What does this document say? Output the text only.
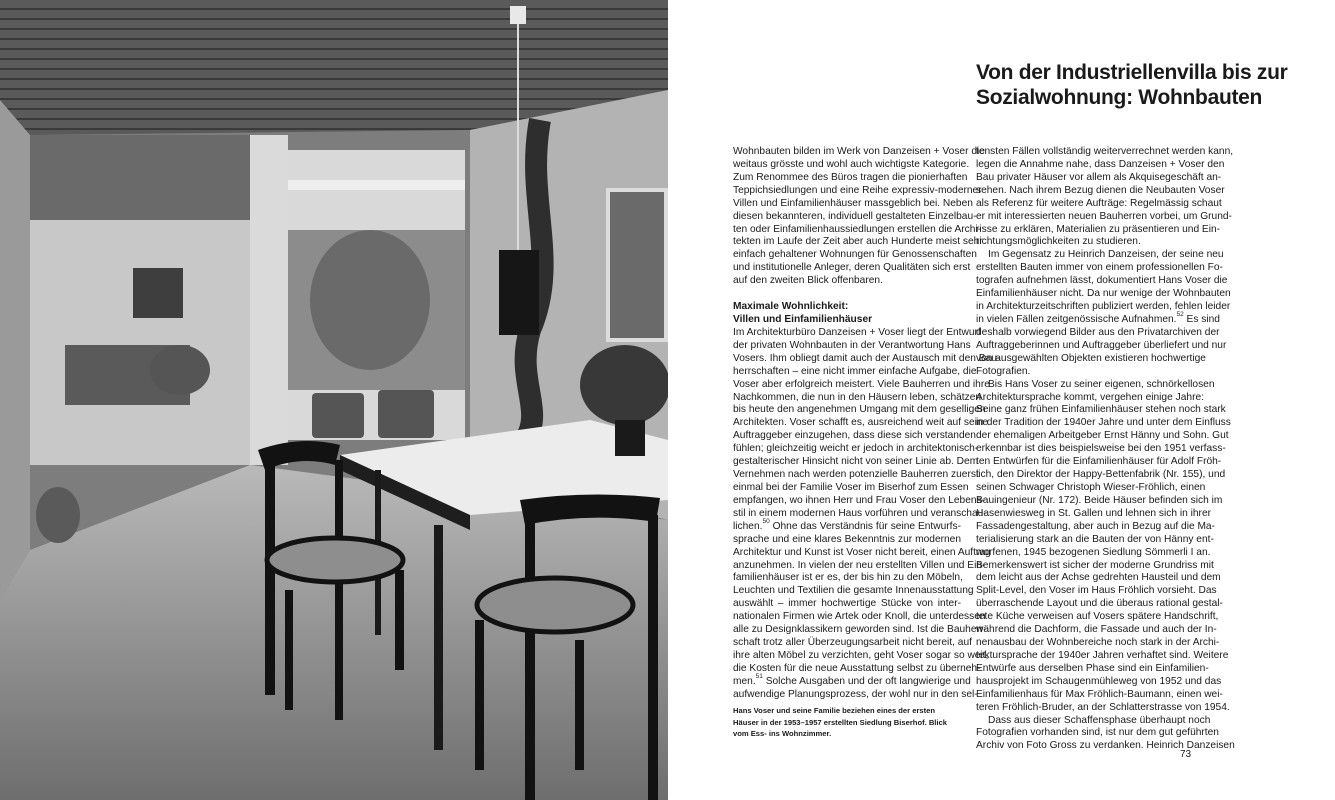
Von der Industriellenvilla bis zur
Sozialwohnung: Wohnbauten
Wohnbauten bilden im Werk von Danzeisen + Voser die
weitaus grösste und wohl auch wichtigste Kategorie.
Zum Renommee des Büros tragen die pionierhaften
Teppichsiedlungen und eine Reihe expressiv-moderner
Villen und Einfamilienhäuser massgeblich bei. Neben
diesen bekannteren, individuell gestalteten Einzelbau-
ten oder Einfamilienhaussiedlungen erstellen die Archi-
tekten im Laufe der Zeit aber auch Hunderte meist sehr
einfach gehaltener Wohnungen für Genossenschaften
und institutionelle Anleger, deren Qualitäten sich erst
auf den zweiten Blick offenbaren.
Maximale Wohnlichkeit:
Villen und Einfamilienhäuser
Im Architekturbüro Danzeisen + Voser liegt der Entwurf
der privaten Wohnbauten in der Verantwortung Hans
Vosers. Ihm obliegt damit auch der Austausch mit den Bau-
herrschaften – eine nicht immer einfache Aufgabe, die
Voser aber erfolgreich meistert. Viele Bauherren und ihre
Nachkommen, die nun in den Häusern leben, schätzen
bis heute den angenehmen Umgang mit dem geselligen
Architekten. Voser schafft es, ausreichend weit auf seine
Auftraggeber einzugehen, dass diese sich verstanden
fühlen; gleichzeitig weicht er jedoch in architektonisch-
gestalterischer Hinsicht nicht von seiner Linie ab. Dem
Vernehmen nach werden potenzielle Bauherren zuerst
einmal bei der Familie Voser im Biserhof zum Essen
empfangen, wo ihnen Herr und Frau Voser den Lebens-
stil in einem modernen Haus vorführen und veranschau-
lichen.$^{50}$ Ohne das Verständnis für seine Entwurfs-
sprache und eine klares Bekenntnis zur modernen
Architektur und Kunst ist Voser nicht bereit, einen Auftrag
anzunehmen. In vielen der neu erstellten Villen und Ein-
familienhäuser ist er es, der bis hin zu den Möbeln,
Leuchten und Textilien die gesamte Innenausstattung
auswählt – immer hochwertige Stücke von inter-
nationalen Firmen wie Artek oder Knoll, die unterdessen
alle zu Designklassikern geworden sind. Ist die Bauherr-
schaft trotz aller Überzeugungsarbeit nicht bereit, auf
ihre alten Möbel zu verzichten, geht Voser sogar so weit,
die Kosten für die neue Ausstattung selbst zu überneh-
men.$^{51}$ Solche Ausgaben und der oft langwierige und
aufwendige Planungsprozess, der wohl nur in den sel-
Hans Voser und seine Familie beziehen eines der ersten
Häuser in der 1953–1957 erstellten Siedlung Biserhof. Blick
vom Ess- ins Wohnzimmer.
tensten Fällen vollständig weiterverrechnet werden kann,
legen die Annahme nahe, dass Danzeisen + Voser den
Bau privater Häuser vor allem als Akquisegeschäft an-
sehen. Nach ihrem Bezug dienen die Neubauten Voser
als Referenz für weitere Aufträge: Regelmässig schaut
er mit interessierten neuen Bauherren vorbei, um Grund-
risse zu erklären, Materialien zu präsentieren und Ein-
richtungsmöglichkeiten zu studieren.
Im Gegensatz zu Heinrich Danzeisen, der seine neu
erstellten Bauten immer von einem professionellen Fo-
tografen aufnehmen lässt, dokumentiert Hans Voser die
Einfamilienhäuser nicht. Da nur wenige der Wohnbauten
in Architekturzeitschriften publiziert werden, fehlen leider
in vielen Fällen zeitgenössische Aufnahmen.$^{52}$ Es sind
deshalb vorwiegend Bilder aus den Privatarchiven der
Auftraggeberinnen und Auftraggeber überliefert und nur
von ausgewählten Objekten existieren hochwertige
Fotografien.
Bis Hans Voser zu seiner eigenen, schnörkellosen
Architektursprache kommt, vergehen einige Jahre:
Seine ganz frühen Einfamilienhäuser stehen noch stark
in der Tradition der 1940er Jahre und unter dem Einfluss
der ehemaligen Arbeitgeber Ernst Hänny und Sohn. Gut
erkennbar ist dies beispielsweise bei den 1951 verfass-
ten Entwürfen für die Einfamilienhäuser für Adolf Fröh-
lich, den Direktor der Happy-Bettenfabrik (Nr. 155), und
seinen Schwager Christoph Wieser-Fröhlich, einen
Bauingenieur (Nr. 172). Beide Häuser befinden sich im
Hasenwiesweg in St. Gallen und lehnen sich in ihrer
Fassadengestaltung, aber auch in Bezug auf die Ma-
terialisierung stark an die Bauten der von Hänny ent-
worfenen, 1945 bezogenen Siedlung Sömmerli I an.
Bemerkenswert ist sicher der moderne Grundriss mit
dem leicht aus der Achse gedrehten Hausteil und dem
Split-Level, den Voser im Haus Fröhlich vorsieht. Das
überraschende Layout und die überaus rational gestal-
tete Küche verweisen auf Vosers spätere Handschrift,
während die Dachform, die Fassade und auch der In-
nenausbau der Wohnbereiche noch stark in der Archi-
tektursprache der 1940er Jahren verhaftet sind. Weitere
Entwürfe aus derselben Phase sind ein Einfamilien-
hausprojekt im Schaugenmühleweg von 1952 und das
Einfamilienhaus für Max Fröhlich-Baumann, einen wei-
teren Fröhlich-Bruder, an der Schlatterstrasse von 1954.
Dass aus dieser Schaffensphase überhaupt noch
Fotografien vorhanden sind, ist nur dem gut geführten
Archiv von Foto Gross zu verdanken. Heinrich Danzeisen
73
